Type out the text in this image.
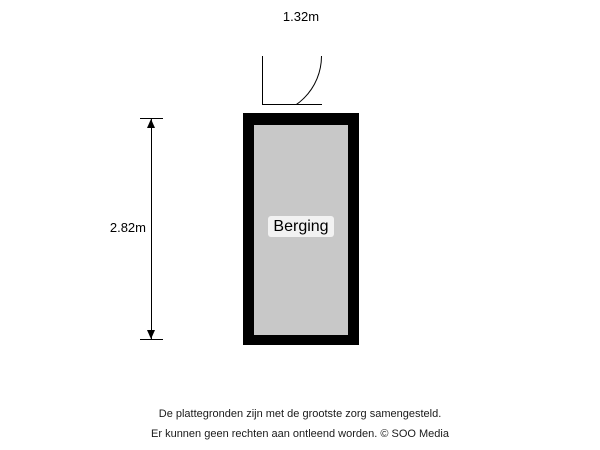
1.32m
2.82m	Berging
De plattegronden zijn met de grootste zorg samengesteld.
Er kunnen geen rechten aan ontleend worden. © SOO Media
